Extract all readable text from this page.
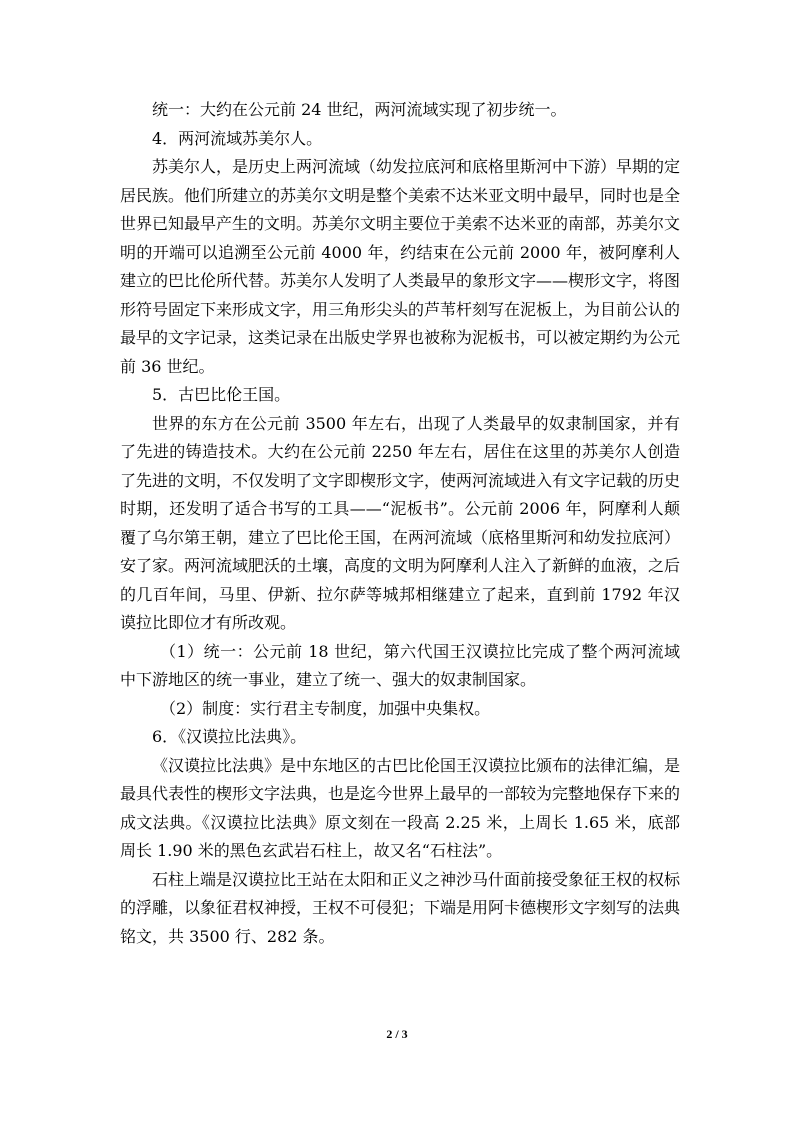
统一：大约在公元前 24 世纪，两河流域实现了初步统一。

4．两河流域苏美尔人。

苏美尔人，是历史上两河流域（幼发拉底河和底格里斯河中下游）早期的定居民族。他们所建立的苏美尔文明是整个美索不达米亚文明中最早，同时也是全世界已知最早产生的文明。苏美尔文明主要位于美索不达米亚的南部，苏美尔文明的开端可以追溯至公元前 4000 年，约结束在公元前 2000 年，被阿摩利人建立的巴比伦所代替。苏美尔人发明了人类最早的象形文字——楔形文字，将图形符号固定下来形成文字，用三角形尖头的芦苇杆刻写在泥板上，为目前公认的最早的文字记录，这类记录在出版史学界也被称为泥板书，可以被定期约为公元前 36 世纪。

5．古巴比伦王国。

世界的东方在公元前 3500 年左右，出现了人类最早的奴隶制国家，并有了先进的铸造技术。大约在公元前 2250 年左右，居住在这里的苏美尔人创造了先进的文明，不仅发明了文字即楔形文字，使两河流域进入有文字记载的历史时期，还发明了适合书写的工具——“泥板书”。公元前 2006 年，阿摩利人颠覆了乌尔第王朝，建立了巴比伦王国，在两河流域（底格里斯河和幼发拉底河）安了家。两河流域肥沃的土壤，高度的文明为阿摩利人注入了新鲜的血液，之后的几百年间，马里、伊新、拉尔萨等城邦相继建立了起来，直到前 1792 年汉谟拉比即位才有所改观。

（1）统一：公元前 18 世纪，第六代国王汉谟拉比完成了整个两河流域中下游地区的统一事业，建立了统一、强大的奴隶制国家。

（2）制度：实行君主专制度，加强中央集权。

6．《汉谟拉比法典》。

《汉谟拉比法典》是中东地区的古巴比伦国王汉谟拉比颁布的法律汇编，是最具代表性的楔形文字法典，也是迄今世界上最早的一部较为完整地保存下来的成文法典。《汉谟拉比法典》原文刻在一段高 2.25 米，上周长 1.65 米，底部周长 1.90 米的黑色玄武岩石柱上，故又名“石柱法”。

石柱上端是汉谟拉比王站在太阳和正义之神沙马什面前接受象征王权的权标的浮雕，以象征君权神授，王权不可侵犯；下端是用阿卡德楔形文字刻写的法典铭文，共 3500 行、282 条。

2 / 3
